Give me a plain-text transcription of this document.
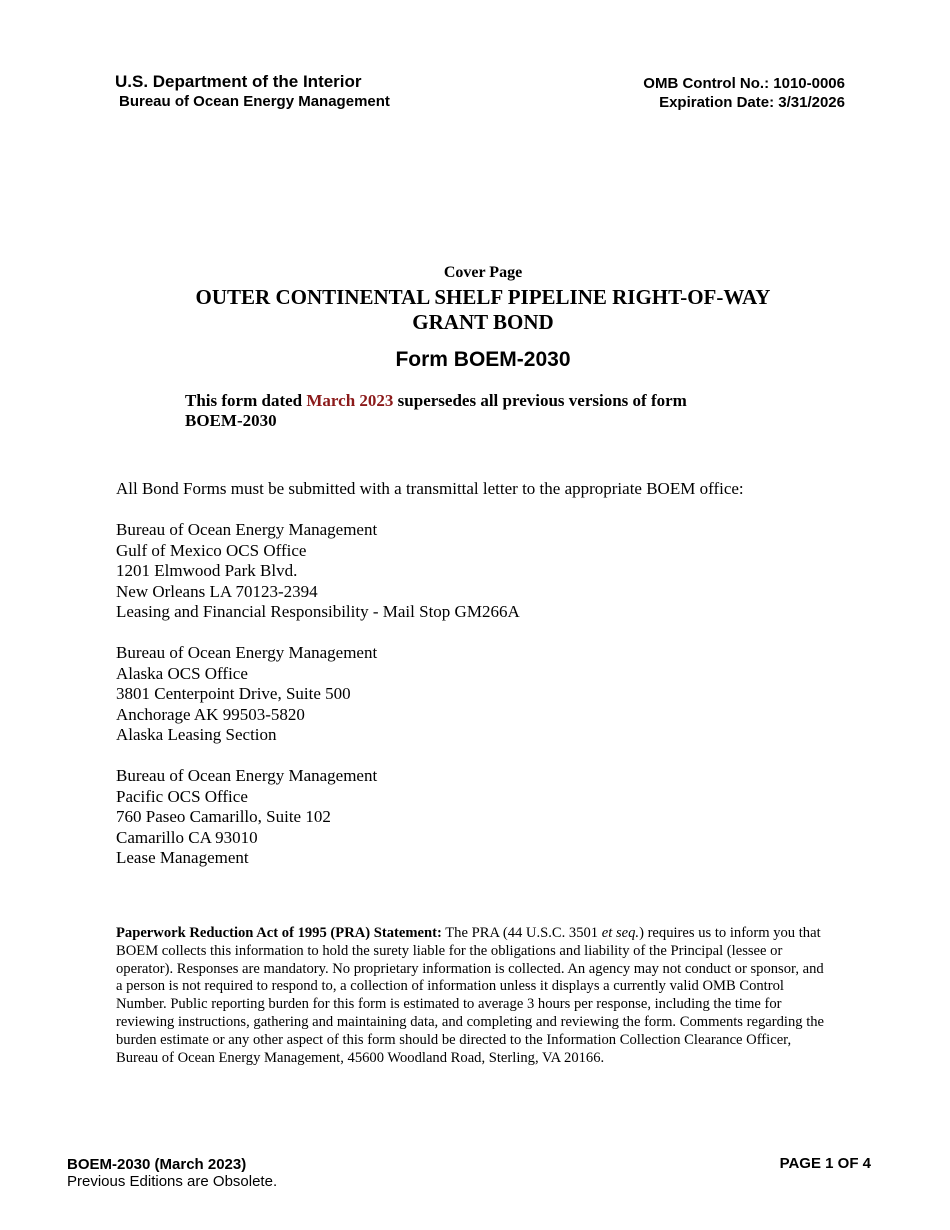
U.S. Department of the Interior
Bureau of Ocean Energy Management
OMB Control No.: 1010-0006
Expiration Date: 3/31/2026
Cover Page
OUTER CONTINENTAL SHELF PIPELINE RIGHT-OF-WAY
GRANT BOND
Form BOEM-2030
This form dated March 2023 supersedes all previous versions of form BOEM-2030
All Bond Forms must be submitted with a transmittal letter to the appropriate BOEM office:
Bureau of Ocean Energy Management
Gulf of Mexico OCS Office
1201 Elmwood Park Blvd.
New Orleans LA 70123-2394
Leasing and Financial Responsibility - Mail Stop GM266A
Bureau of Ocean Energy Management
Alaska OCS Office
3801 Centerpoint Drive, Suite 500
Anchorage AK 99503-5820
Alaska Leasing Section
Bureau of Ocean Energy Management
Pacific OCS Office
760 Paseo Camarillo, Suite 102
Camarillo CA 93010
Lease Management
Paperwork Reduction Act of 1995 (PRA) Statement: The PRA (44 U.S.C. 3501 et seq.) requires us to inform you that BOEM collects this information to hold the surety liable for the obligations and liability of the Principal (lessee or operator). Responses are mandatory. No proprietary information is collected. An agency may not conduct or sponsor, and a person is not required to respond to, a collection of information unless it displays a currently valid OMB Control Number. Public reporting burden for this form is estimated to average 3 hours per response, including the time for reviewing instructions, gathering and maintaining data, and completing and reviewing the form. Comments regarding the burden estimate or any other aspect of this form should be directed to the Information Collection Clearance Officer, Bureau of Ocean Energy Management, 45600 Woodland Road, Sterling, VA 20166.
BOEM-2030 (March 2023)
Previous Editions are Obsolete.
PAGE 1 OF 4
